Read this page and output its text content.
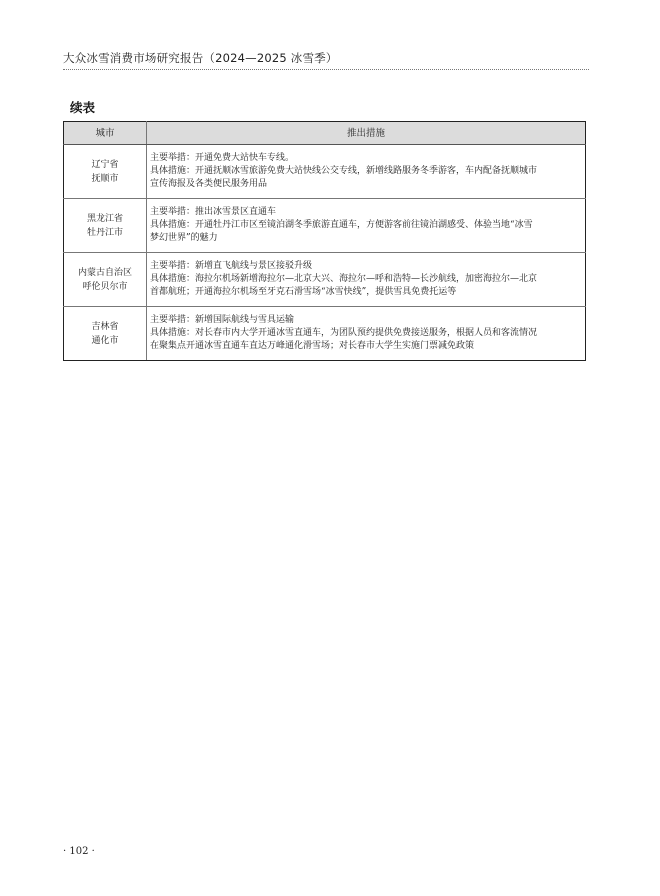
大众冰雪消费市场研究报告（2024—2025 冰雪季）
续表
城市	推出措施

辽宁省
抚顺市	主要举措：开通免费大站快车专线。
具体措施：开通抚顺冰雪旅游免费大站快线公交专线，新增线路服务冬季游客，车内配备抚顺城市
宣传海报及各类便民服务用品

黑龙江省
牡丹江市	主要举措：推出冰雪景区直通车
具体措施：开通牡丹江市区至镜泊湖冬季旅游直通车，方便游客前往镜泊湖感受、体验当地“冰雪
梦幻世界”的魅力

内蒙古自治区
呼伦贝尔市	主要举措：新增直飞航线与景区接驳升级
具体措施：海拉尔机场新增海拉尔—北京大兴、海拉尔—呼和浩特—长沙航线，加密海拉尔—北京
首都航班；开通海拉尔机场至牙克石滑雪场“冰雪快线”，提供雪具免费托运等

吉林省
通化市	主要举措：新增国际航线与雪具运输
具体措施：对长春市内大学开通冰雪直通车，为团队预约提供免费接送服务，根据人员和客流情况
在聚集点开通冰雪直通车直达万峰通化滑雪场；对长春市大学生实施门票减免政策
· 102 ·
